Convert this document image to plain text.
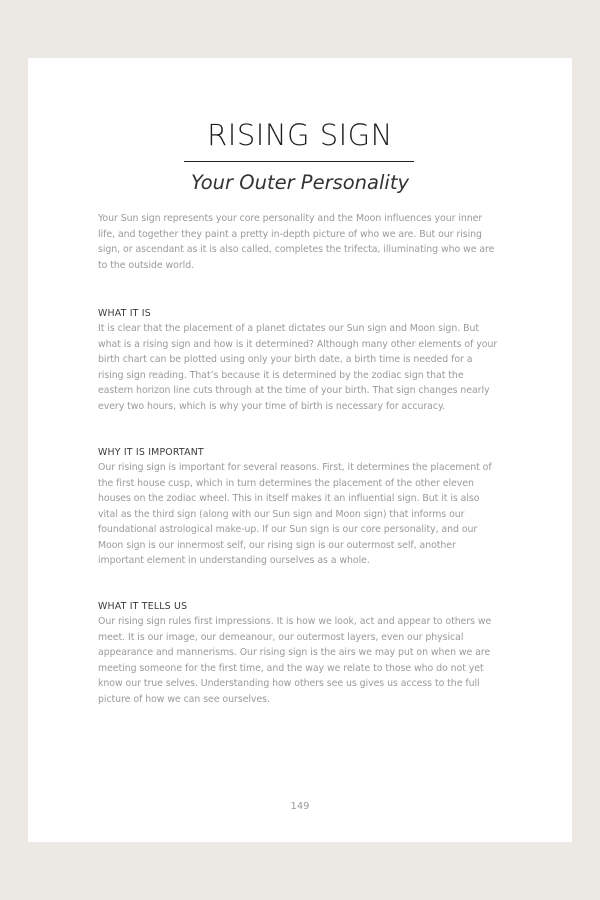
RISING SIGN
Your Outer Personality
Your Sun sign represents your core personality and the Moon influences your inner life, and together they paint a pretty in-depth picture of who we are. But our rising sign, or ascendant as it is also called, completes the trifecta, illuminating who we are to the outside world.
WHAT IT IS
It is clear that the placement of a planet dictates our Sun sign and Moon sign. But what is a rising sign and how is it determined? Although many other elements of your birth chart can be plotted using only your birth date, a birth time is needed for a rising sign reading. That’s because it is determined by the zodiac sign that the eastern horizon line cuts through at the time of your birth. That sign changes nearly every two hours, which is why your time of birth is necessary for accuracy.
WHY IT IS IMPORTANT
Our rising sign is important for several reasons. First, it determines the placement of the first house cusp, which in turn determines the placement of the other eleven houses on the zodiac wheel. This in itself makes it an influential sign. But it is also vital as the third sign (along with our Sun sign and Moon sign) that informs our foundational astrological make-up. If our Sun sign is our core personality, and our Moon sign is our innermost self, our rising sign is our outermost self, another important element in understanding ourselves as a whole.
WHAT IT TELLS US
Our rising sign rules first impressions. It is how we look, act and appear to others we meet. It is our image, our demeanour, our outermost layers, even our physical appearance and mannerisms. Our rising sign is the airs we may put on when we are meeting someone for the first time, and the way we relate to those who do not yet know our true selves. Understanding how others see us gives us access to the full picture of how we can see ourselves.
149
